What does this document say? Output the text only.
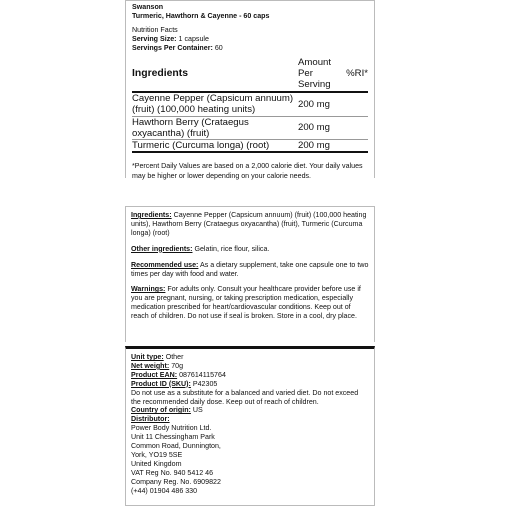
Swanson
Turmeric, Hawthorn & Cayenne - 60 caps
Nutrition Facts
Serving Size: 1 capsule
Servings Per Container: 60
Ingredients	Amount Per Serving	%RI*
Cayenne Pepper (Capsicum annuum) (fruit) (100,000 heating units)	200 mg	
Hawthorn Berry (Crataegus oxyacantha) (fruit)	200 mg	
Turmeric (Curcuma longa) (root)	200 mg	
*Percent Daily Values are based on a 2,000 calorie diet. Your daily values may be higher or lower depending on your calorie needs.
Ingredients: Cayenne Pepper (Capsicum annuum) (fruit) (100,000 heating units), Hawthorn Berry (Crataegus oxyacantha) (fruit), Turmeric (Curcuma longa) (root)
Other ingredients: Gelatin, rice flour, silica.
Recommended use: As a dietary supplement, take one capsule one to two times per day with food and water.
Warnings: For adults only. Consult your healthcare provider before use if you are pregnant, nursing, or taking prescription medication, especially medication prescribed for heart/cardiovascular conditions. Keep out of reach of children. Do not use if seal is broken. Store in a cool, dry place.
Unit type: Other
Net weight: 70g
Product EAN: 087614115764
Product ID (SKU): P42305
Do not use as a substitute for a balanced and varied diet. Do not exceed the recommended daily dose. Keep out of reach of children.
Country of origin: US
Distributor:
Power Body Nutrition Ltd.
Unit 11 Chessingham Park
Common Road, Dunnington,
York, YO19 5SE
United Kingdom
VAT Reg No. 940 5412 46
Company Reg. No. 6909822
(+44) 01904 486 330
